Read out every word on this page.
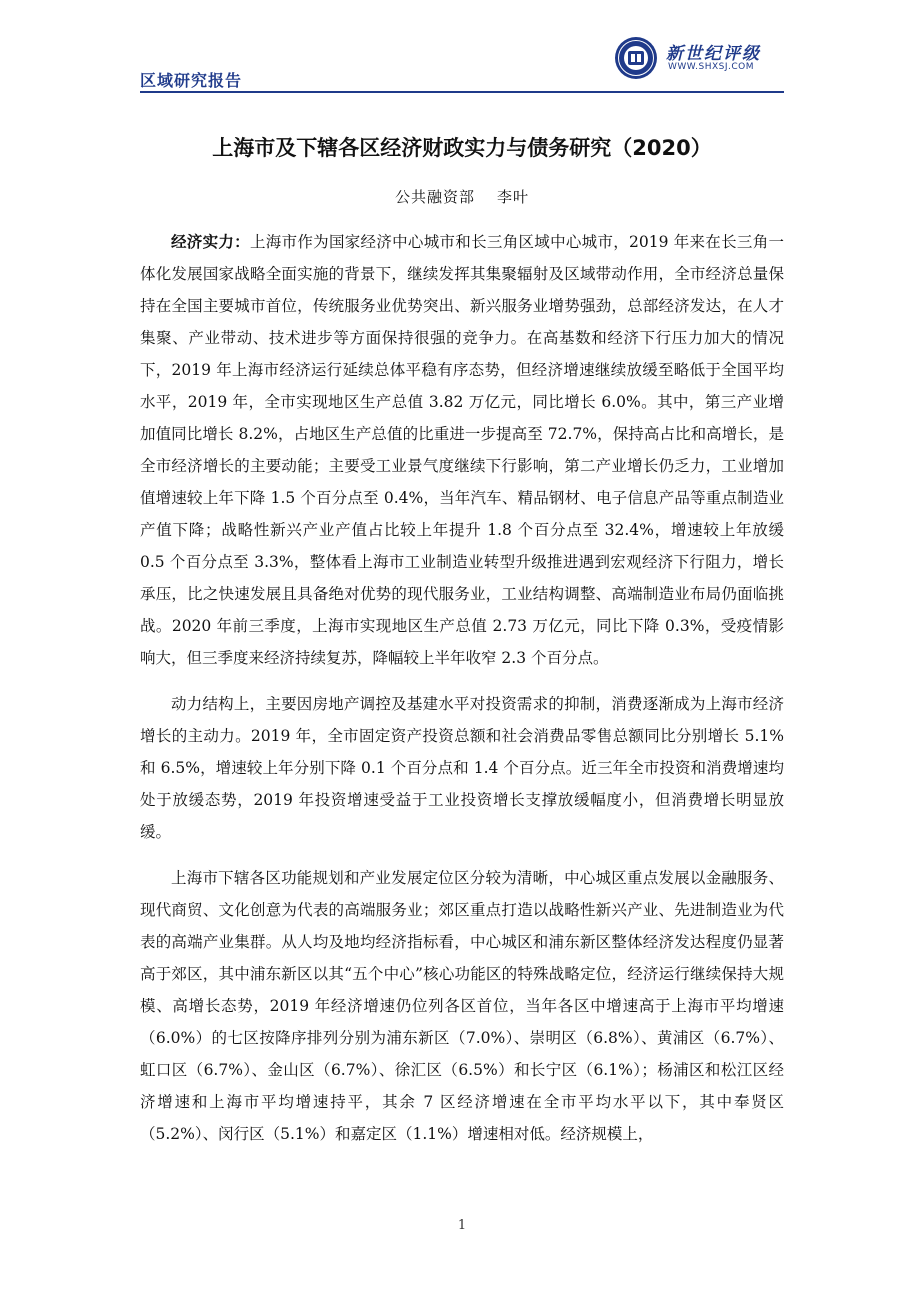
区域研究报告
新世纪评级
WWW.SHXSJ.COM
上海市及下辖各区经济财政实力与债务研究（2020）
公共融资部 李叶

经济实力：上海市作为国家经济中心城市和长三角区域中心城市，2019 年来在长三角一体化发展国家战略全面实施的背景下，继续发挥其集聚辐射及区域带动作用，全市经济总量保持在全国主要城市首位，传统服务业优势突出、新兴服务业增势强劲，总部经济发达，在人才集聚、产业带动、技术进步等方面保持很强的竞争力。在高基数和经济下行压力加大的情况下，2019 年上海市经济运行延续总体平稳有序态势，但经济增速继续放缓至略低于全国平均水平，2019 年，全市实现地区生产总值 3.82 万亿元，同比增长 6.0%。其中，第三产业增加值同比增长 8.2%，占地区生产总值的比重进一步提高至 72.7%，保持高占比和高增长，是全市经济增长的主要动能；主要受工业景气度继续下行影响，第二产业增长仍乏力，工业增加值增速较上年下降 1.5 个百分点至 0.4%，当年汽车、精品钢材、电子信息产品等重点制造业产值下降；战略性新兴产业产值占比较上年提升 1.8 个百分点至 32.4%，增速较上年放缓 0.5 个百分点至 3.3%，整体看上海市工业制造业转型升级推进遇到宏观经济下行阻力，增长承压，比之快速发展且具备绝对优势的现代服务业，工业结构调整、高端制造业布局仍面临挑战。2020 年前三季度，上海市实现地区生产总值 2.73 万亿元，同比下降 0.3%，受疫情影响大，但三季度来经济持续复苏，降幅较上半年收窄 2.3 个百分点。

动力结构上，主要因房地产调控及基建水平对投资需求的抑制，消费逐渐成为上海市经济增长的主动力。2019 年，全市固定资产投资总额和社会消费品零售总额同比分别增长 5.1%和 6.5%，增速较上年分别下降 0.1 个百分点和 1.4 个百分点。近三年全市投资和消费增速均处于放缓态势，2019 年投资增速受益于工业投资增长支撑放缓幅度小，但消费增长明显放缓。

上海市下辖各区功能规划和产业发展定位区分较为清晰，中心城区重点发展以金融服务、现代商贸、文化创意为代表的高端服务业；郊区重点打造以战略性新兴产业、先进制造业为代表的高端产业集群。从人均及地均经济指标看，中心城区和浦东新区整体经济发达程度仍显著高于郊区，其中浦东新区以其“五个中心”核心功能区的特殊战略定位，经济运行继续保持大规模、高增长态势，2019 年经济增速仍位列各区首位，当年各区中增速高于上海市平均增速（6.0%）的七区按降序排列分别为浦东新区（7.0%）、崇明区（6.8%）、黄浦区（6.7%）、虹口区（6.7%）、金山区（6.7%）、徐汇区（6.5%）和长宁区（6.1%）；杨浦区和松江区经济增速和上海市平均增速持平，其余 7 区经济增速在全市平均水平以下，其中奉贤区（5.2%）、闵行区（5.1%）和嘉定区（1.1%）增速相对低。经济规模上，

1
